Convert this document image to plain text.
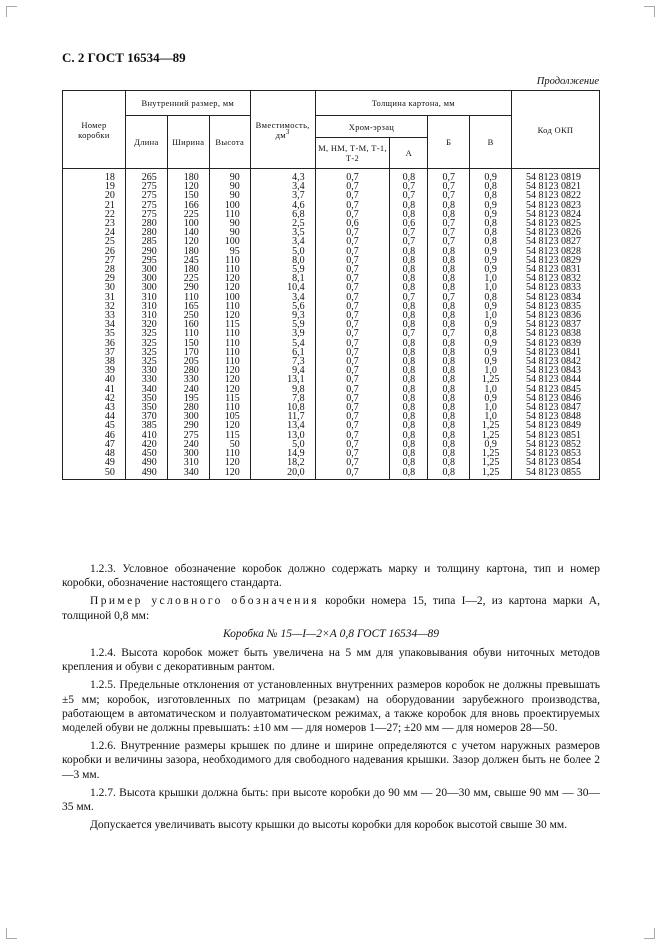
С. 2 ГОСТ 16534—89
Продолжение
Номер коробки	Внутренний размер, мм			Вместимость, $дм^3$	Толщина картона, мм				Код ОКП
	Длина	Ширина	Высота		Хром-эрзац		Б	В	
					М, НМ, Т-М, Т-1, Т-2	А			
18	265	180	90	4,3	0,7	0,8	0,7	0,9	54 8123 0819
19	275	120	90	3,4	0,7	0,7	0,7	0,8	54 8123 0821
20	275	150	90	3,7	0,7	0,7	0,7	0,8	54 8123 0822
21	275	166	100	4,6	0,7	0,8	0,8	0,9	54 8123 0823
22	275	225	110	6,8	0,7	0,8	0,8	0,9	54 8123 0824
23	280	100	90	2,5	0,6	0,6	0,7	0,8	54 8123 0825
24	280	140	90	3,5	0,7	0,7	0,7	0,8	54 8123 0826
25	285	120	100	3,4	0,7	0,7	0,7	0,8	54 8123 0827
26	290	180	95	5,0	0,7	0,8	0,8	0,9	54 8123 0828
27	295	245	110	8,0	0,7	0,8	0,8	0,9	54 8123 0829
28	300	180	110	5,9	0,7	0,8	0,8	0,9	54 8123 0831
29	300	225	120	8,1	0,7	0,8	0,8	1,0	54 8123 0832
30	300	290	120	10,4	0,7	0,8	0,8	1,0	54 8123 0833
31	310	110	100	3,4	0,7	0,7	0,7	0,8	54 8123 0834
32	310	165	110	5,6	0,7	0,8	0,8	0,9	54 8123 0835
33	310	250	120	9,3	0,7	0,8	0,8	1,0	54 8123 0836
34	320	160	115	5,9	0,7	0,8	0,8	0,9	54 8123 0837
35	325	110	110	3,9	0,7	0,7	0,7	0,8	54 8123 0838
36	325	150	110	5,4	0,7	0,8	0,8	0,9	54 8123 0839
37	325	170	110	6,1	0,7	0,8	0,8	0,9	54 8123 0841
38	325	205	110	7,3	0,7	0,8	0,8	0,9	54 8123 0842
39	330	280	120	9,4	0,7	0,8	0,8	1,0	54 8123 0843
40	330	330	120	13,1	0,7	0,8	0,8	1,25	54 8123 0844
41	340	240	120	9,8	0,7	0,8	0,8	1,0	54 8123 0845
42	350	195	115	7,8	0,7	0,8	0,8	0,9	54 8123 0846
43	350	280	110	10,8	0,7	0,8	0,8	1,0	54 8123 0847
44	370	300	105	11,7	0,7	0,8	0,8	1,0	54 8123 0848
45	385	290	120	13,4	0,7	0,8	0,8	1,25	54 8123 0849
46	410	275	115	13,0	0,7	0,8	0,8	1,25	54 8123 0851
47	420	240	50	5,0	0,7	0,8	0,8	0,9	54 8123 0852
48	450	300	110	14,9	0,7	0,8	0,8	1,25	54 8123 0853
49	490	310	120	18,2	0,7	0,8	0,8	1,25	54 8123 0854
50	490	340	120	20,0	0,7	0,8	0,8	1,25	54 8123 0855

1.2.3. Условное обозначение коробок должно содержать марку и толщину картона, тип и номер коробки, обозначение настоящего стандарта.

Пример условного обозначения коробки номера 15, типа I—2, из картона марки А, толщиной 0,8 мм:

Коробка № 15—I—2×А 0,8 ГОСТ 16534—89

1.2.4. Высота коробок может быть увеличена на 5 мм для упаковывания обуви ниточных методов крепления и обуви с декоративным рантом.

1.2.5. Предельные отклонения от установленных внутренних размеров коробок не должны превышать ±5 мм; коробок, изготовленных по матрицам (резакам) на оборудовании зарубежного производства, работающем в автоматическом и полуавтоматическом режимах, а также коробок для вновь проектируемых моделей обуви не должны превышать: ±10 мм — для номеров 1—27; ±20 мм — для номеров 28—50.

1.2.6. Внутренние размеры крышек по длине и ширине определяются с учетом наружных размеров коробки и величины зазора, необходимого для свободного надевания крышки. Зазор должен быть не более 2—3 мм.

1.2.7. Высота крышки должна быть: при высоте коробки до 90 мм — 20—30 мм, свыше 90 мм — 30—35 мм.

Допускается увеличивать высоту крышки до высоты коробки для коробок высотой свыше 30 мм.
